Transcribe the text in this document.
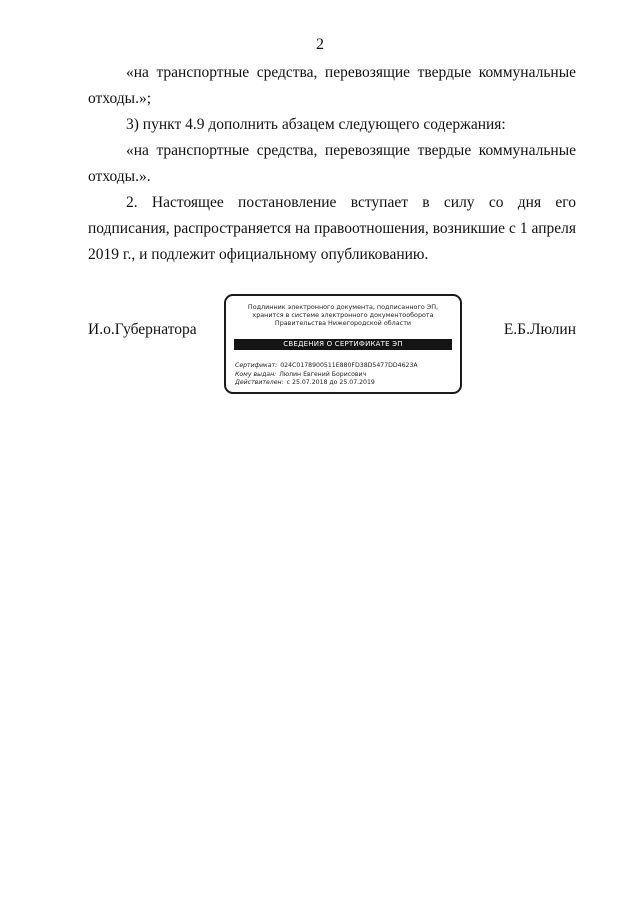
2

«на транспортные средства, перевозящие твердые коммунальные отходы.»;

3) пункт 4.9 дополнить абзацем следующего содержания:

«на транспортные средства, перевозящие твердые коммунальные отходы.».

2. Настоящее постановление вступает в силу со дня его подписания, распространяется на правоотношения, возникшие с 1 апреля 2019 г., и подлежит официальному опубликованию.

И.о.Губернатора
Подлинник электронного документа, подписанного ЭП,
хранится в системе электронного документооборота
Правительства Нижегородской области
СВЕДЕНИЯ О СЕРТИФИКАТЕ ЭП
Сертификат: 024C0178900511E880FD38D5477DD4623A
Кому выдан: Люлин Евгений Борисович
Действителен: с 25.07.2018 до 25.07.2019
Е.Б.Люлин
